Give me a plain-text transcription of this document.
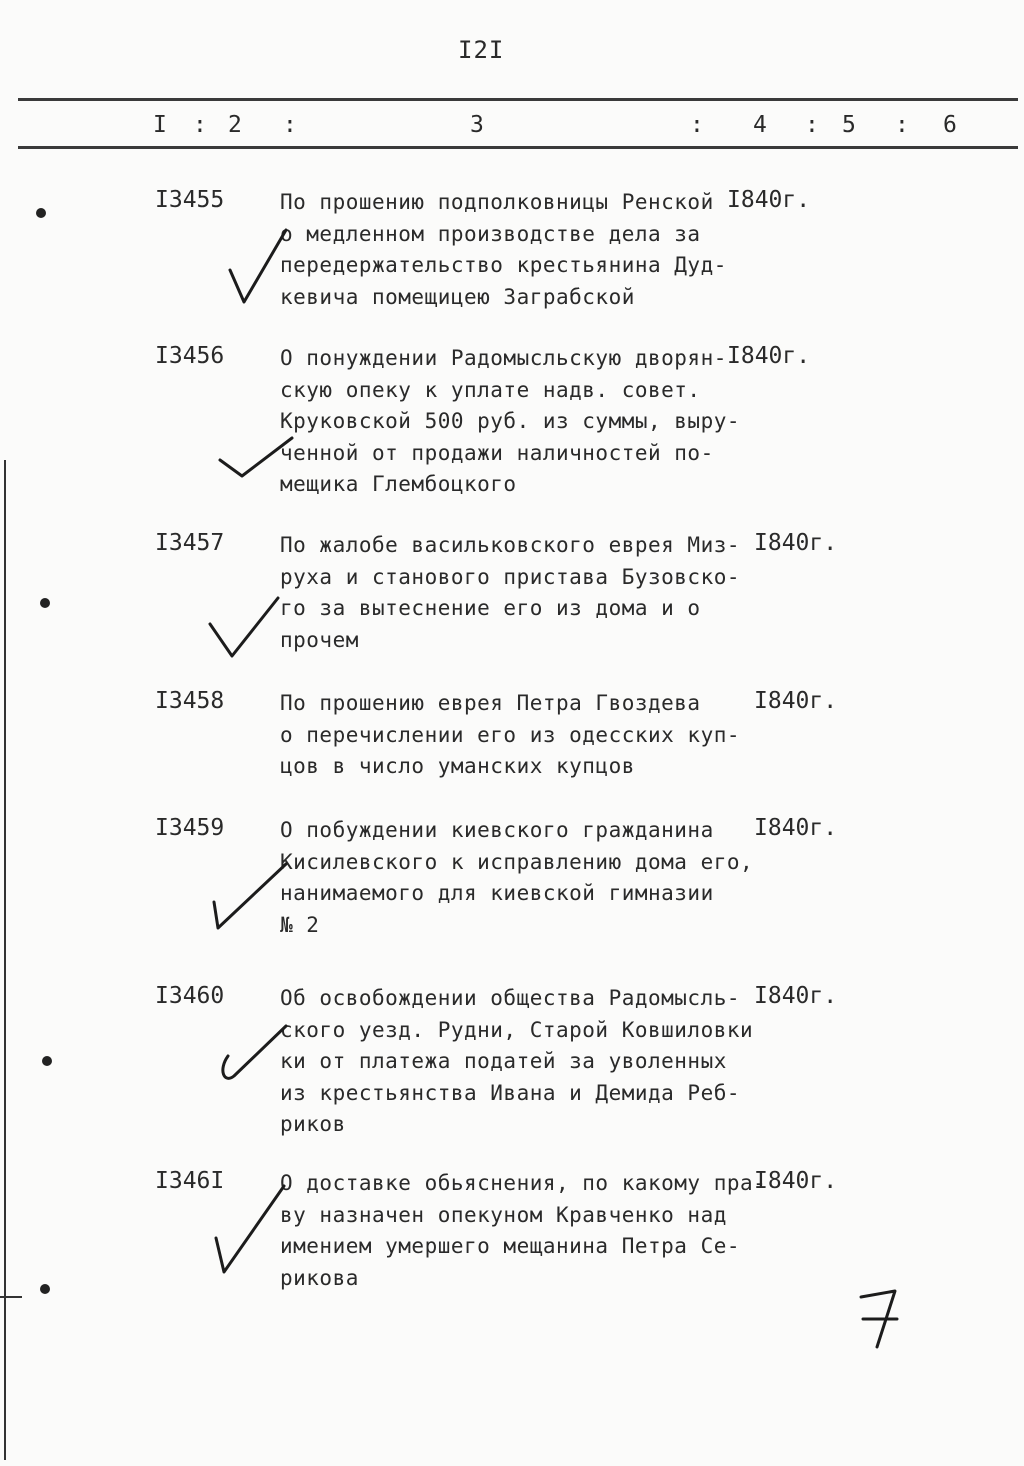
I2I
I : 2 :	3	: 4 : 5 : 6
I3455	По прошению подполковницы Ренской
о медленном производстве дела за
передержательство крестьянина Дуд-
кевича помещицею Заграбской
I840г.
I3456	О понуждении Радомысльскую дворян-
скую опеку к уплате надв. совет.
Круковской 500 руб. из суммы, выру-
ченной от продажи наличностей по-
мещика Глембоцкого
I840г.
I3457	По жалобе васильковского еврея Миз-
руха и станового пристава Бузовско-
го за вытеснение его из дома и о
прочем
I840г.
I3458	По прошению еврея Петра Гвоздева
о перечислении его из одесских куп-
цов в число уманских купцов
I840г.
I3459	О побуждении киевского гражданина
Кисилевского к исправлению дома его,
нанимаемого для киевской гимназии
№ 2
I840г.
I3460	Об освобождении общества Радомысль-
ского уезд. Рудни, Старой Ковшиловки
ки от платежа податей за уволенных
из крестьянства Ивана и Демида Реб-
риков
I840г.
I346I	О доставке обьяснения, по какому пра-
ву назначен опекуном Кравченко над
имением умершего мещанина Петра Се-
рикова
I840г.
